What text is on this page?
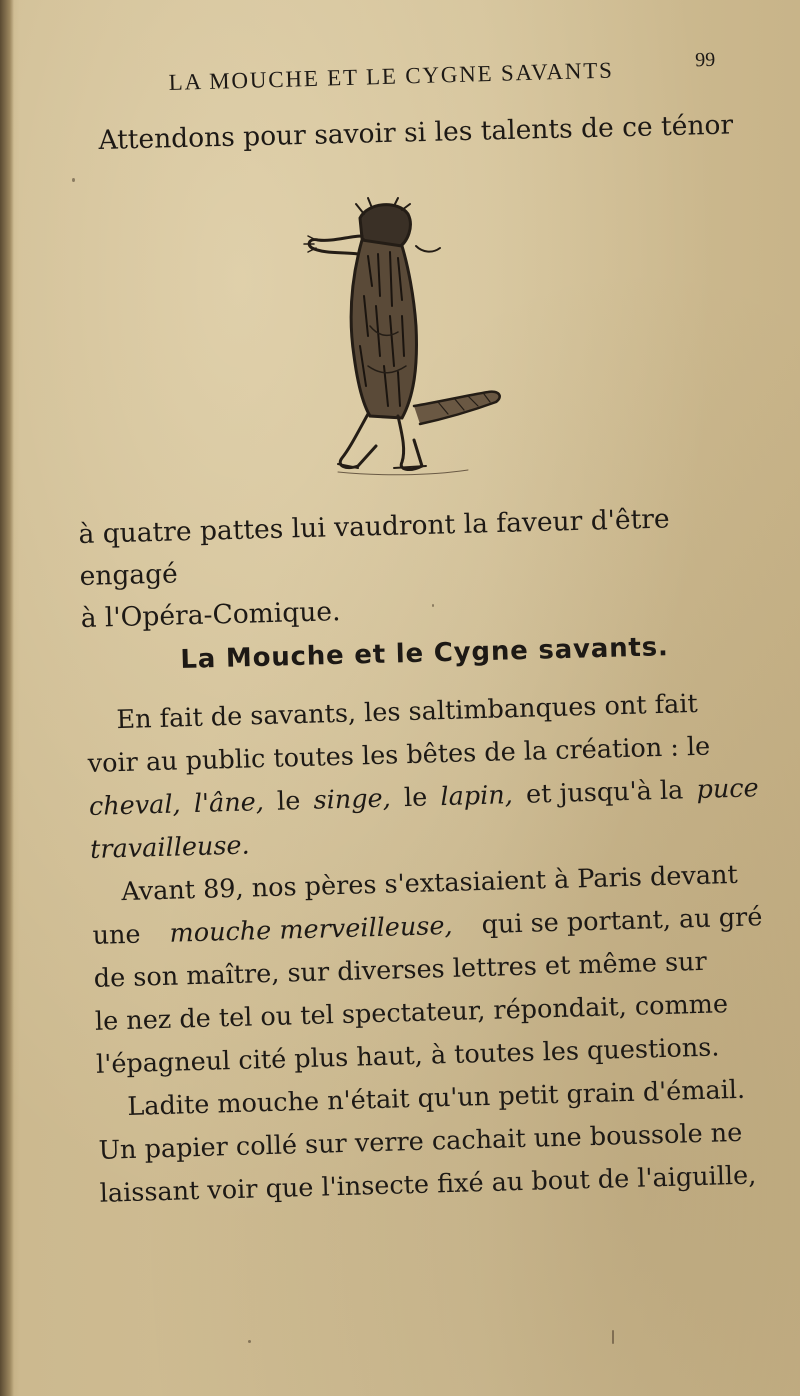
LA MOUCHE ET LE CYGNE SAVANTS	99

Attendons pour savoir si les talents de ce ténor

à quatre pattes lui vaudront la faveur d'être engagé
à l'Opéra-Comique.

La Mouche et le Cygne savants.
En fait de savants, les saltimbanques ont fait
voir au public toutes les bêtes de la création : le
cheval, l'âne, le singe, le lapin, et jusqu'à la puce
travailleuse.
Avant 89, nos pères s'extasiaient à Paris devant
une mouche merveilleuse, qui se portant, au gré
de son maître, sur diverses lettres et même sur
le nez de tel ou tel spectateur, répondait, comme
l'épagneul cité plus haut, à toutes les questions.
Ladite mouche n'était qu'un petit grain d'émail.
Un papier collé sur verre cachait une boussole ne
laissant voir que l'insecte fixé au bout de l'aiguille,
